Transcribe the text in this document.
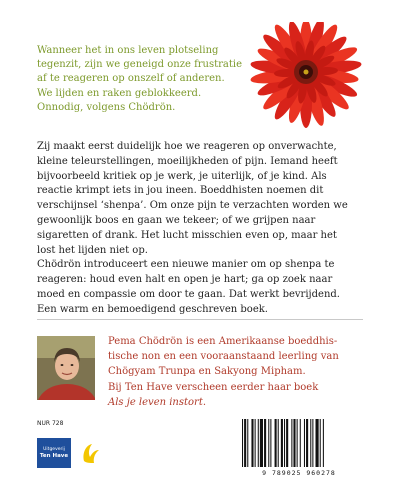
Wanneer het in ons leven plotseling
tegenzit, zijn we geneigd onze frustratie
af te reageren op onszelf of anderen.
We lijden en raken geblokkeerd.
Onnodig, volgens Chödrön.
Zij maakt eerst duidelijk hoe we reageren op onverwachte,
kleine teleurstellingen, moeilijkheden of pijn. Iemand heeft
bijvoorbeeld kritiek op je werk, je uiterlijk, of je kind. Als
reactie krimpt iets in jou ineen. Boeddhisten noemen dit
verschijnsel ‘shenpa’. Om onze pijn te verzachten worden we
gewoonlijk boos en gaan we tekeer; of we grijpen naar
sigaretten of drank. Het lucht misschien even op, maar het
lost het lijden niet op.
Chödrön introduceert een nieuwe manier om op shenpa te
reageren: houd even halt en open je hart; ga op zoek naar
moed en compassie om door te gaan. Dat werkt bevrijdend.
Een warm en bemoedigend geschreven boek.
Pema Chödrön is een Amerikaanse boeddhis-
tische non en een vooraanstaand leerling van
Chögyam Trunpa en Sakyong Mipham.
Bij Ten Have verscheen eerder haar boek
Als je leven instort.
NUR 728
Uitgeverij
Ten Have
9 789025 960278
